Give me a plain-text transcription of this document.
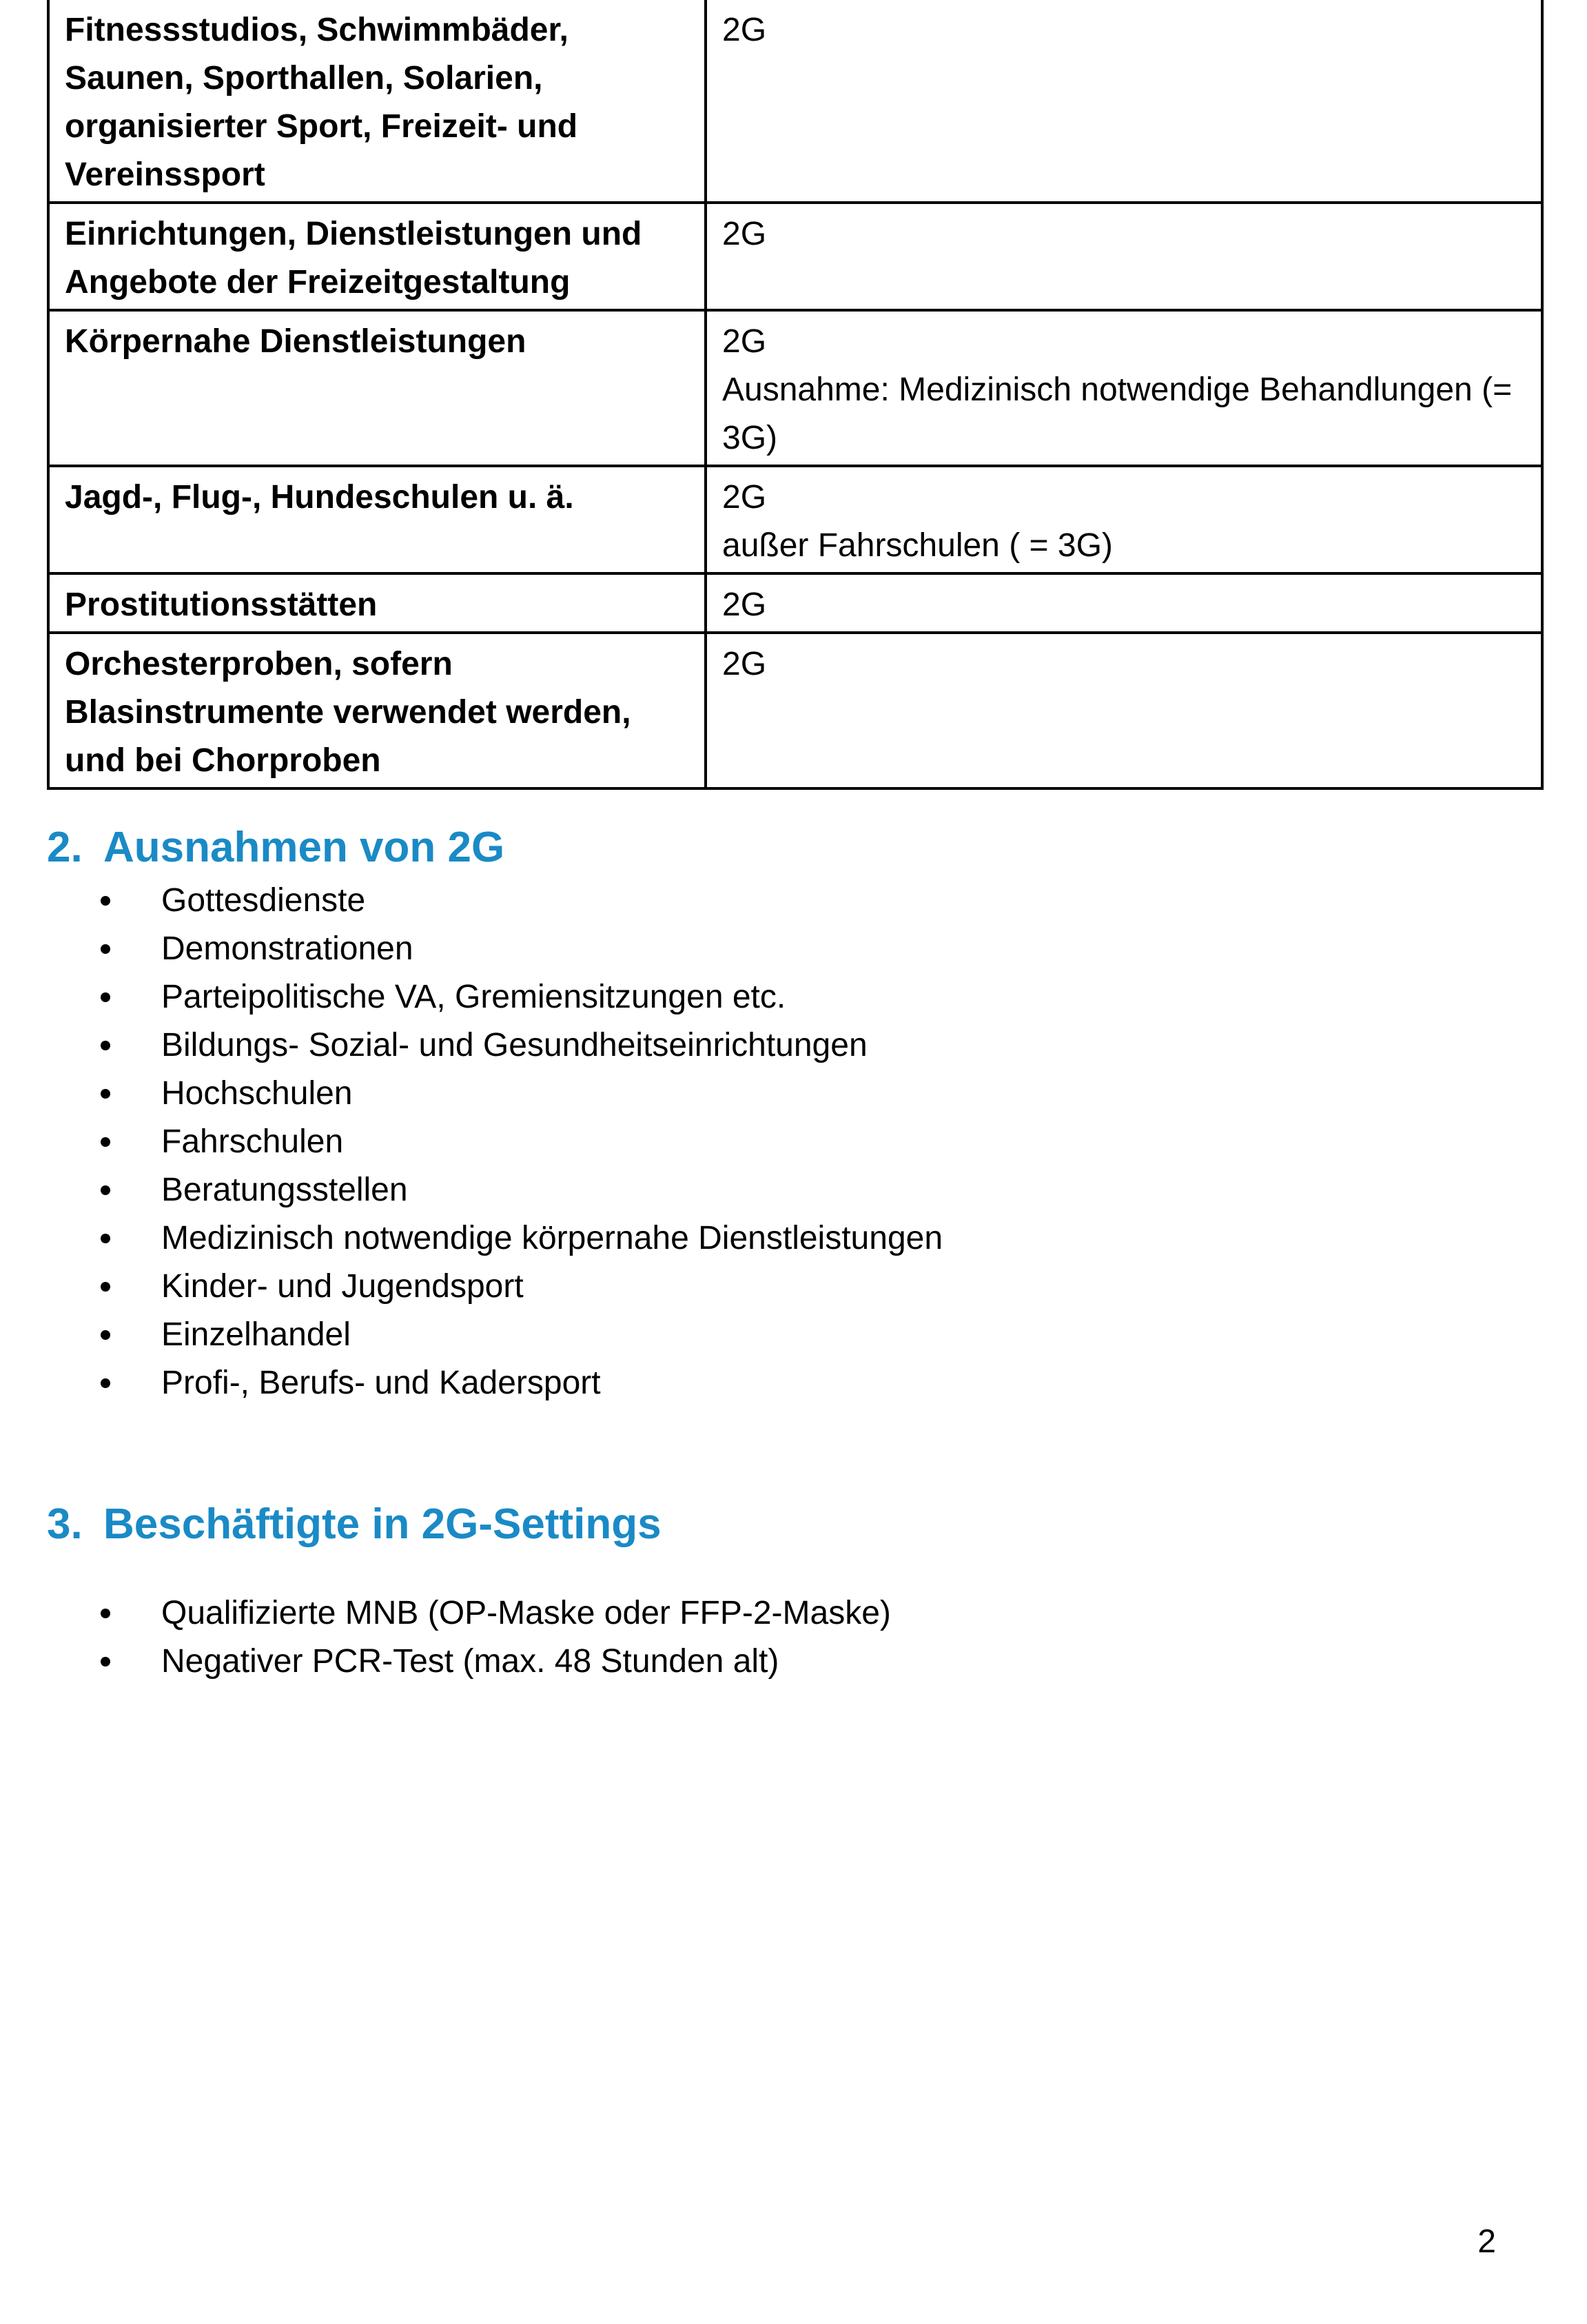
Fitnessstudios, Schwimmbäder, Saunen, Sporthallen, Solarien, organisierter Sport, Freizeit- und Vereinssport	2G

Einrichtungen, Dienstleistungen und Angebote der Freizeitgestaltung	2G

Körpernahe Dienstleistungen	2G
Ausnahme: Medizinisch notwendige Behandlungen (= 3G)

Jagd-, Flug-, Hundeschulen u. ä.	2G
außer Fahrschulen ( = 3G)

Prostitutionsstätten	2G

Orchesterproben, sofern Blasinstrumente verwendet werden, und bei Chorproben	2G
2. Ausnahmen von 2G
Gottesdienste
Demonstrationen
Parteipolitische VA, Gremiensitzungen etc.
Bildungs- Sozial- und Gesundheitseinrichtungen
Hochschulen
Fahrschulen
Beratungsstellen
Medizinisch notwendige körpernahe Dienstleistungen
Kinder- und Jugendsport
Einzelhandel
Profi-, Berufs- und Kadersport
3. Beschäftigte in 2G-Settings
Qualifizierte MNB (OP-Maske oder FFP-2-Maske)
Negativer PCR-Test (max. 48 Stunden alt)
2
